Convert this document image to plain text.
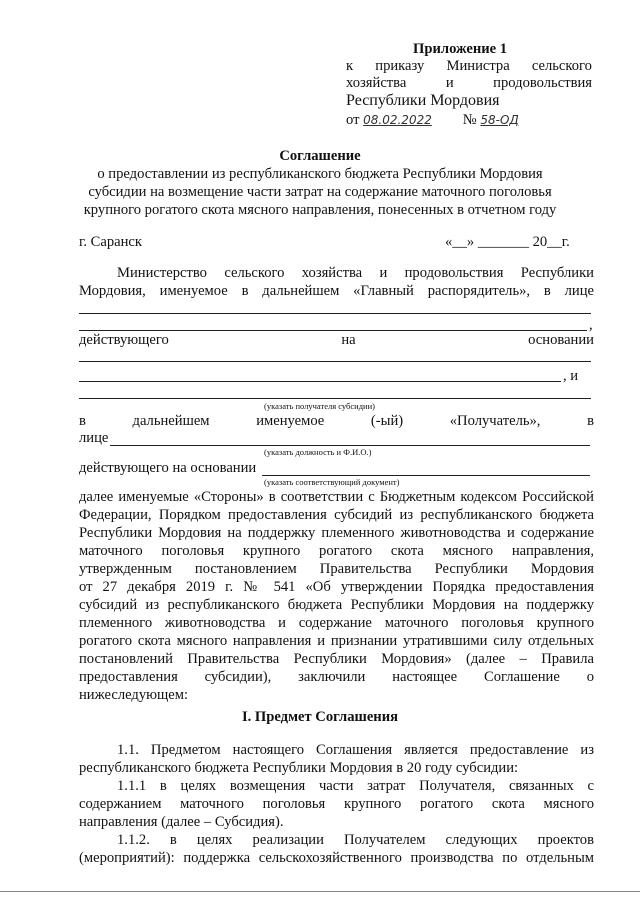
Приложение 1
к приказу Министра сельского
хозяйства	и	продовольствия
Республики Мордовия
от 08.02.2022 № 58-ОД
Соглашение
о предоставлении из республиканского бюджета Республики Мордовия
субсидии на возмещение части затрат на содержание маточного поголовья
крупного рогатого скота мясного направления, понесенных в отчетном году
г. Саранск	«__» _______ 20__г.
Министерство сельского хозяйства и продовольствия Республики
Мордовия, именуемое в дальнейшем «Главный распорядитель», в лице
,
действующего	на	основании
, и
(указать получателя субсидии)
в	дальнейшем	именуемое	(-ый)	«Получатель»,	в
лице
(указать должность и Ф.И.О.)
действующего на основании
(указать соответствующий документ)
далее именуемые «Стороны» в соответствии с Бюджетным кодексом Российской
Федерации, Порядком предоставления субсидий из республиканского бюджета
Республики Мордовия на поддержку племенного животноводства и содержание
маточного поголовья крупного рогатого скота мясного направления,
утвержденным постановлением Правительства Республики Мордовия
от 27 декабря 2019 г. № 541 «Об утверждении Порядка предоставления
субсидий из республиканского бюджета Республики Мордовия на поддержку
племенного животноводства и содержание маточного поголовья крупного
рогатого скота мясного направления и признании утратившими силу отдельных
постановлений Правительства Республики Мордовия» (далее – Правила
предоставления субсидии), заключили настоящее Соглашение о
нижеследующем:
I. Предмет Соглашения
1.1. Предметом настоящего Соглашения является предоставление из
республиканского бюджета Республики Мордовия в 20 году субсидии:
1.1.1 в целях возмещения части затрат Получателя, связанных с
содержанием маточного поголовья крупного рогатого скота мясного
направления (далее – Субсидия).
1.1.2. в целях реализации Получателем следующих проектов
(мероприятий): поддержка сельскохозяйственного производства по отдельным
